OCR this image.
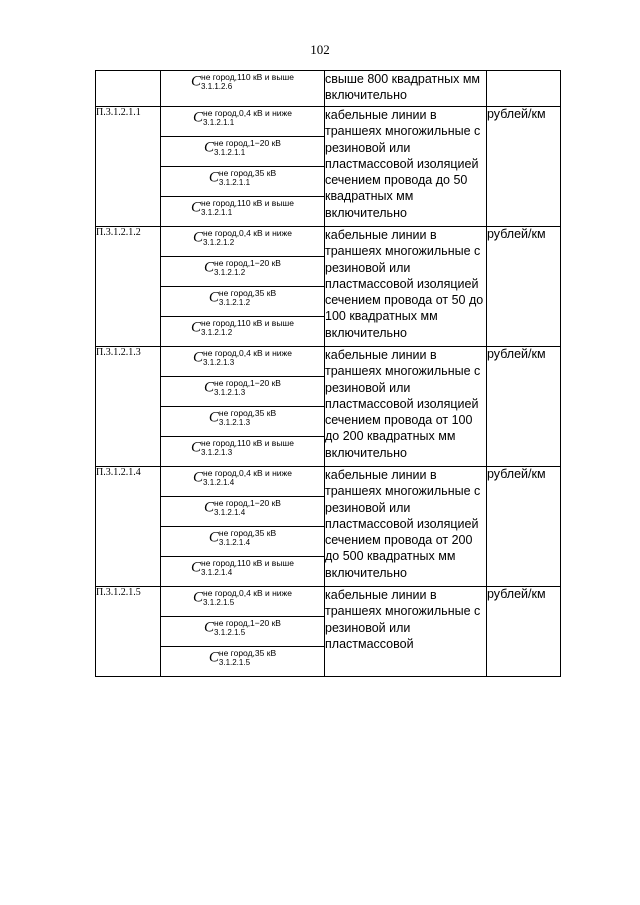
102

	C не город,110 кВ и выше
3.1.1.2.6	свыше 800 квадратных мм включительно	
П.3.1.2.1.1	C не город,0,4 кВ и ниже
3.1.2.1.1	кабельные линии в траншеях многожильные с резиновой или пластмассовой изоляцией сечением провода до 50 квадратных мм включительно	рублей/км

	C не город,1−20 кВ
3.1.2.1.1		

	C не город,35 кВ
3.1.2.1.1		

	C не город,110 кВ и выше
3.1.2.1.1		

П.3.1.2.1.2	C не город,0,4 кВ и ниже
3.1.2.1.2	кабельные линии в траншеях многожильные с резиновой или пластмассовой изоляцией сечением провода от 50 до 100 квадратных мм включительно	рублей/км

	C не город,1−20 кВ
3.1.2.1.2		

	C не город,35 кВ
3.1.2.1.2		

	C не город,110 кВ и выше
3.1.2.1.2		

П.3.1.2.1.3	C не город,0,4 кВ и ниже
3.1.2.1.3	кабельные линии в траншеях многожильные с резиновой или пластмассовой изоляцией сечением провода от 100 до 200 квадратных мм включительно	рублей/км

	C не город,1−20 кВ
3.1.2.1.3		

	C не город,35 кВ
3.1.2.1.3		

	C не город,110 кВ и выше
3.1.2.1.3		

П.3.1.2.1.4	C не город,0,4 кВ и ниже
3.1.2.1.4	кабельные линии в траншеях многожильные с резиновой или пластмассовой изоляцией сечением провода от 200 до 500 квадратных мм включительно	рублей/км

	C не город,1−20 кВ
3.1.2.1.4		

	C не город,35 кВ
3.1.2.1.4		

	C не город,110 кВ и выше
3.1.2.1.4		

П.3.1.2.1.5	C не город,0,4 кВ и ниже
3.1.2.1.5	кабельные линии в траншеях многожильные с резиновой или пластмассовой	рублей/км

	C не город,1−20 кВ
3.1.2.1.5		

	C не город,35 кВ
3.1.2.1.5		
